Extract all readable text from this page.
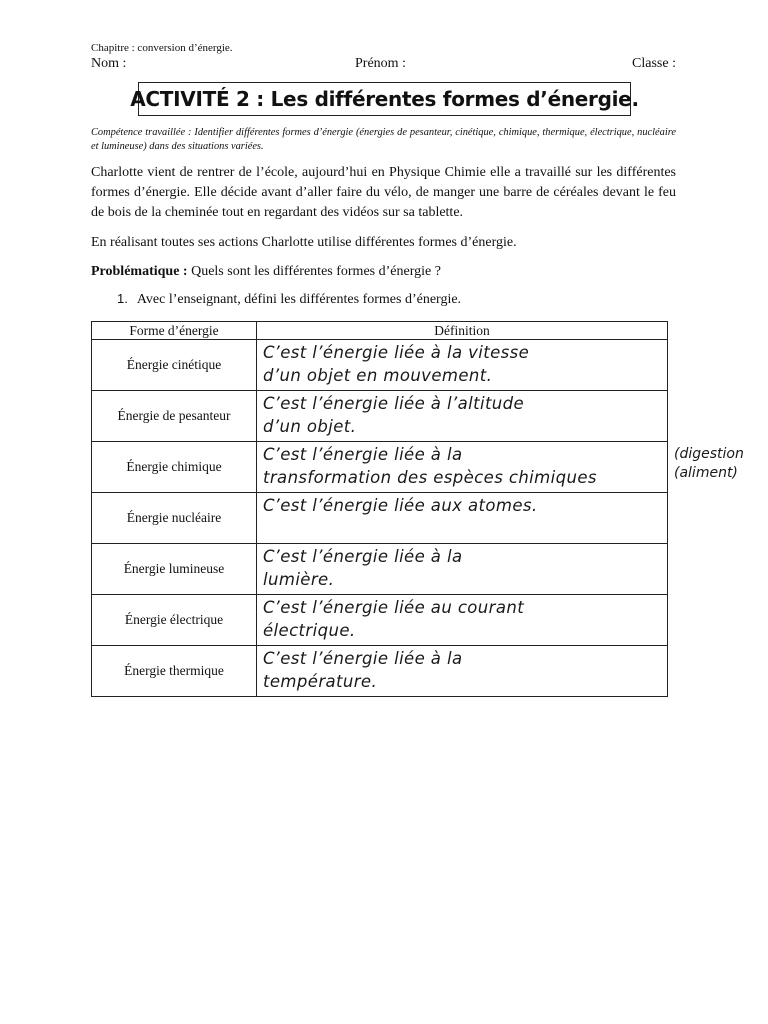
Chapitre : conversion d’énergie.
Nom :	Prénom :	Classe :
ACTIVITÉ 2 : Les différentes formes d’énergie.
Compétence travaillée : Identifier différentes formes d’énergie (énergies de pesanteur, cinétique, chimique, thermique, électrique, nucléaire et lumineuse) dans des situations variées.
Charlotte vient de rentrer de l’école, aujourd’hui en Physique Chimie elle a travaillé sur les différentes formes d’énergie. Elle décide avant d’aller faire du vélo, de manger une barre de céréales devant le feu de bois de la cheminée tout en regardant des vidéos sur sa tablette.
En réalisant toutes ses actions Charlotte utilise différentes formes d’énergie.
Problématique : Quels sont les différentes formes d’énergie ?
1. Avec l’enseignant, défini les différentes formes d’énergie.
Forme d’énergie	Définition
Énergie cinétique	C’est l’énergie liée à la vitesse
d’un objet en mouvement.

Énergie de pesanteur	C’est l’énergie liée à l’altitude
d’un objet.

Énergie chimique	C’est l’énergie liée à la
transformation des espèces chimiques

Énergie nucléaire	C’est l’énergie liée aux atomes.

Énergie lumineuse	C’est l’énergie liée à la
lumière.

Énergie électrique	C’est l’énergie liée au courant
électrique.

Énergie thermique	C’est l’énergie liée à la
température.
(digestion
(aliment)
